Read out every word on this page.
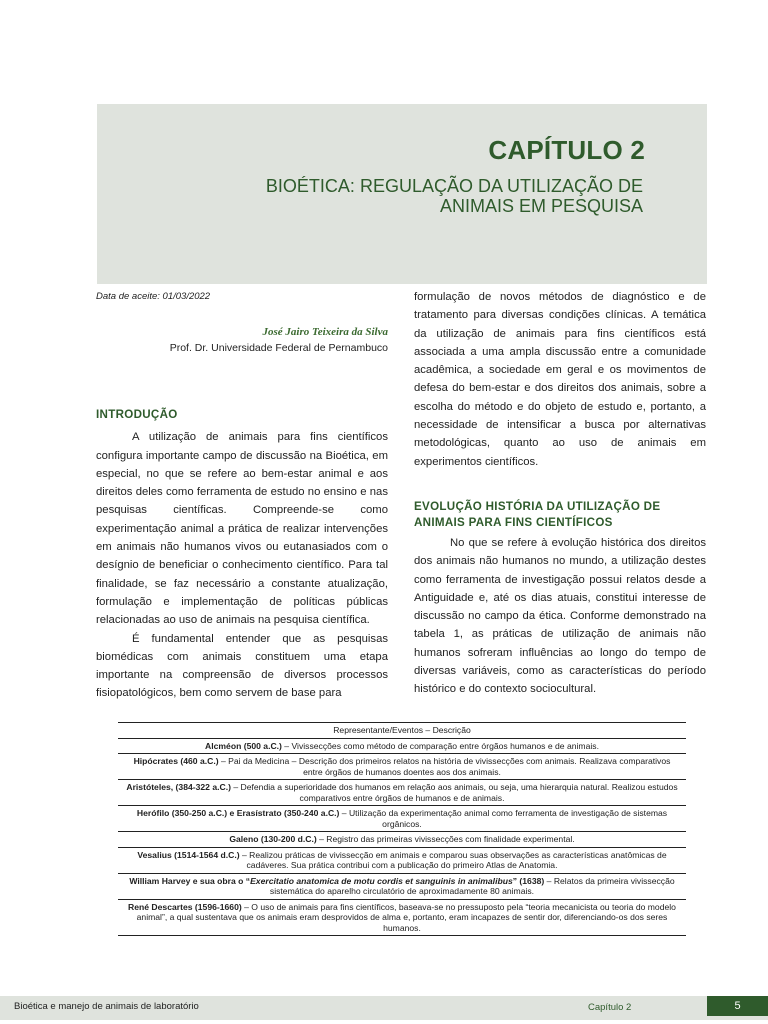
CAPÍTULO 2
BIOÉTICA: REGULAÇÃO DA UTILIZAÇÃO DE ANIMAIS EM PESQUISA
Data de aceite: 01/03/2022
José Jairo Teixeira da Silva
Prof. Dr. Universidade Federal de Pernambuco
INTRODUÇÃO

A utilização de animais para fins científicos configura importante campo de discussão na Bioética, em especial, no que se refere ao bem-estar animal e aos direitos deles como ferramenta de estudo no ensino e nas pesquisas científicas. Compreende-se como experimentação animal a prática de realizar intervenções em animais não humanos vivos ou eutanasiados com o desígnio de beneficiar o conhecimento científico. Para tal finalidade, se faz necessário a constante atualização, formulação e implementação de políticas públicas relacionadas ao uso de animais na pesquisa científica.

É fundamental entender que as pesquisas biomédicas com animais constituem uma etapa importante na compreensão de diversos processos fisiopatológicos, bem como servem de base para

formulação de novos métodos de diagnóstico e de tratamento para diversas condições clínicas. A temática da utilização de animais para fins científicos está associada a uma ampla discussão entre a comunidade acadêmica, a sociedade em geral e os movimentos de defesa do bem-estar e dos direitos dos animais, sobre a escolha do método e do objeto de estudo e, portanto, a necessidade de intensificar a busca por alternativas metodológicas, quanto ao uso de animais em experimentos científicos.

EVOLUÇÃO HISTÓRIA DA UTILIZAÇÃO DE ANIMAIS PARA FINS CIENTÍFICOS

No que se refere à evolução histórica dos direitos dos animais não humanos no mundo, a utilização destes como ferramenta de investigação possui relatos desde a Antiguidade e, até os dias atuais, constitui interesse de discussão no campo da ética. Conforme demonstrado na tabela 1, as práticas de utilização de animais não humanos sofreram influências ao longo do tempo de diversas variáveis, como as características do período histórico e do contexto sociocultural.

Representante/Eventos – Descrição
Alcméon (500 a.C.) – Vivissecções como método de comparação entre órgãos humanos e de animais.
Hipócrates (460 a.C.) – Pai da Medicina – Descrição dos primeiros relatos na história de vivissecções com animais. Realizava comparativos entre órgãos de humanos doentes aos dos animais.
Aristóteles, (384-322 a.C.) – Defendia a superioridade dos humanos em relação aos animais, ou seja, uma hierarquia natural. Realizou estudos comparativos entre órgãos de humanos e de animais.
Herófilo (350-250 a.C.) e Erasístrato (350-240 a.C.) – Utilização da experimentação animal como ferramenta de investigação de sistemas orgânicos.
Galeno (130-200 d.C.) – Registro das primeiras vivissecções com finalidade experimental.
Vesalius (1514-1564 d.C.) – Realizou práticas de vivissecção em animais e comparou suas observações as características anatômicas de cadáveres. Sua prática contribui com a publicação do primeiro Atlas de Anatomia.
William Harvey e sua obra o “Exercitatio anatomica de motu cordis et sanguinis in animalibus” (1638) – Relatos da primeira vivissecção sistemática do aparelho circulatório de aproximadamente 80 animais.
René Descartes (1596-1660) – O uso de animais para fins científicos, baseava-se no pressuposto pela “teoria mecanicista ou teoria do modelo animal”, a qual sustentava que os animais eram desprovidos de alma e, portanto, eram incapazes de sentir dor, diferenciando-os dos seres humanos.
Bioética e manejo de animais de laboratório	Capítulo 2	5
